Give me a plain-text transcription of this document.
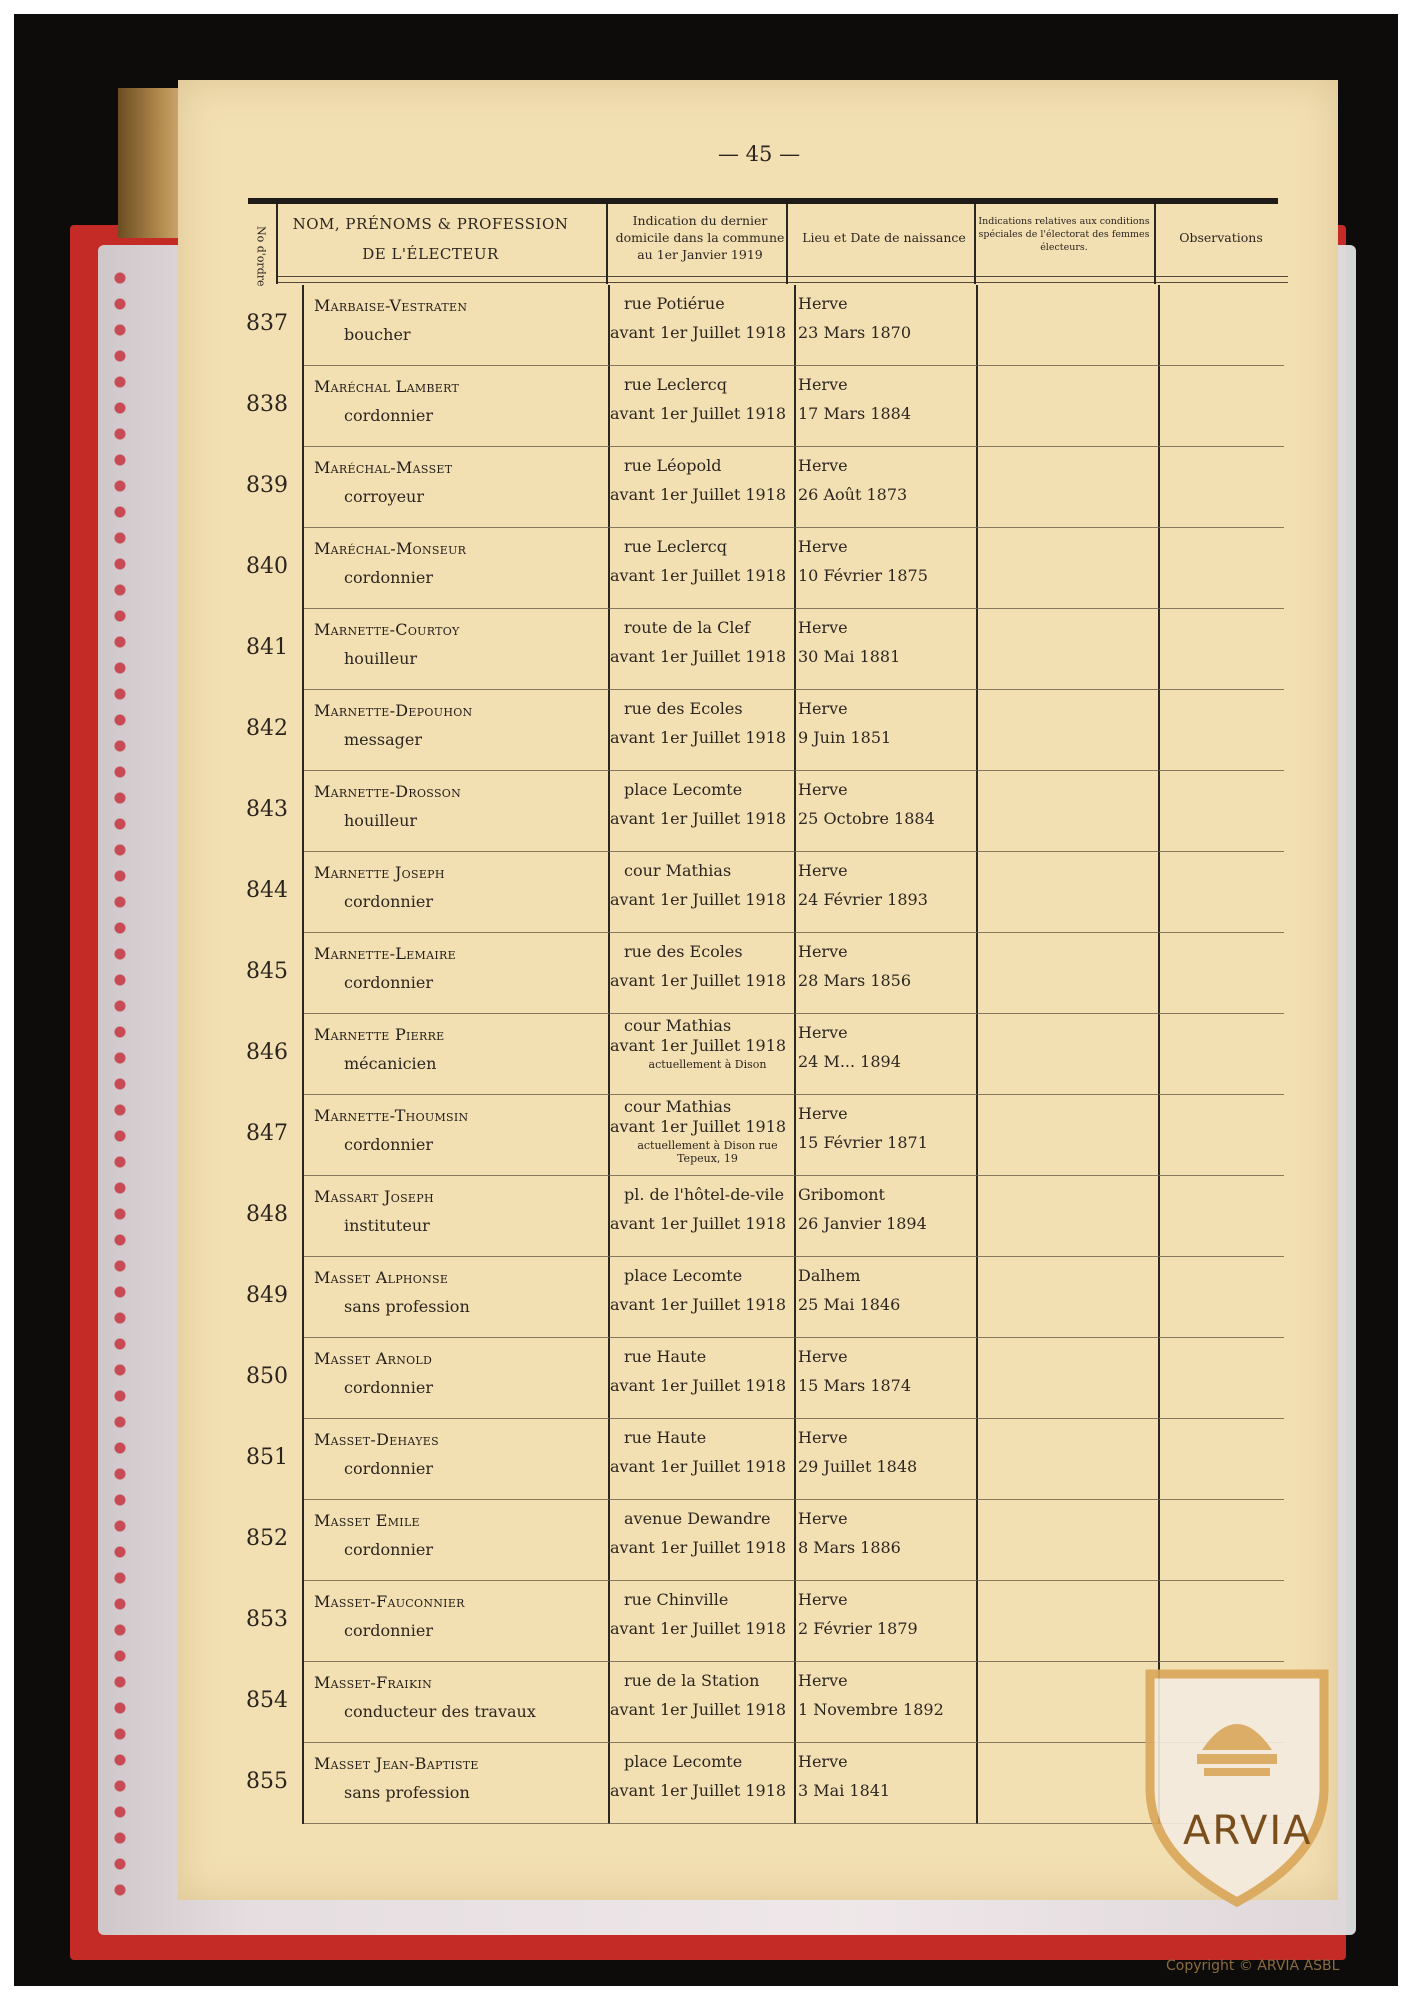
— 45 —
No d'ordre
NOM, PRÉNOMS & PROFESSION
DE L'ÉLECTEUR
Indication du dernier domicile dans la commune au 1er Janvier 1919
Lieu et Date de naissance
Indications relatives aux conditions spéciales de l'électorat des femmes électeurs.
Observations
837
Marbaise-Vestraten
boucher
rue Potiérue
avant 1er Juillet 1918
Herve
23 Mars 1870
838
Maréchal Lambert
cordonnier
rue Leclercq
avant 1er Juillet 1918
Herve
17 Mars 1884
839
Maréchal-Masset
corroyeur
rue Léopold
avant 1er Juillet 1918
Herve
26 Août 1873
840
Maréchal-Monseur
cordonnier
rue Leclercq
avant 1er Juillet 1918
Herve
10 Février 1875
841
Marnette-Courtoy
houilleur
route de la Clef
avant 1er Juillet 1918
Herve
30 Mai 1881
842
Marnette-Depouhon
messager
rue des Ecoles
avant 1er Juillet 1918
Herve
9 Juin 1851
843
Marnette-Drosson
houilleur
place Lecomte
avant 1er Juillet 1918
Herve
25 Octobre 1884
844
Marnette Joseph
cordonnier
cour Mathias
avant 1er Juillet 1918
Herve
24 Février 1893
845
Marnette-Lemaire
cordonnier
rue des Ecoles
avant 1er Juillet 1918
Herve
28 Mars 1856
846
Marnette Pierre
mécanicien
cour Mathias
avant 1er Juillet 1918
actuellement à Dison
Herve
24 M... 1894
847
Marnette-Thoumsin
cordonnier
cour Mathias
avant 1er Juillet 1918
actuellement à Dison rue Tepeux, 19
Herve
15 Février 1871
848
Massart Joseph
instituteur
pl. de l'hôtel-de-vile
avant 1er Juillet 1918
Gribomont
26 Janvier 1894
849
Masset Alphonse
sans profession
place Lecomte
avant 1er Juillet 1918
Dalhem
25 Mai 1846
850
Masset Arnold
cordonnier
rue Haute
avant 1er Juillet 1918
Herve
15 Mars 1874
851
Masset-Dehayes
cordonnier
rue Haute
avant 1er Juillet 1918
Herve
29 Juillet 1848
852
Masset Emile
cordonnier
avenue Dewandre
avant 1er Juillet 1918
Herve
8 Mars 1886
853
Masset-Fauconnier
cordonnier
rue Chinville
avant 1er Juillet 1918
Herve
2 Février 1879
854
Masset-Fraikin
conducteur des travaux
rue de la Station
avant 1er Juillet 1918
Herve
1 Novembre 1892
855
Masset Jean-Baptiste
sans profession
place Lecomte
avant 1er Juillet 1918
Herve
3 Mai 1841
ARVIA
Copyright © ARVIA ASBL
